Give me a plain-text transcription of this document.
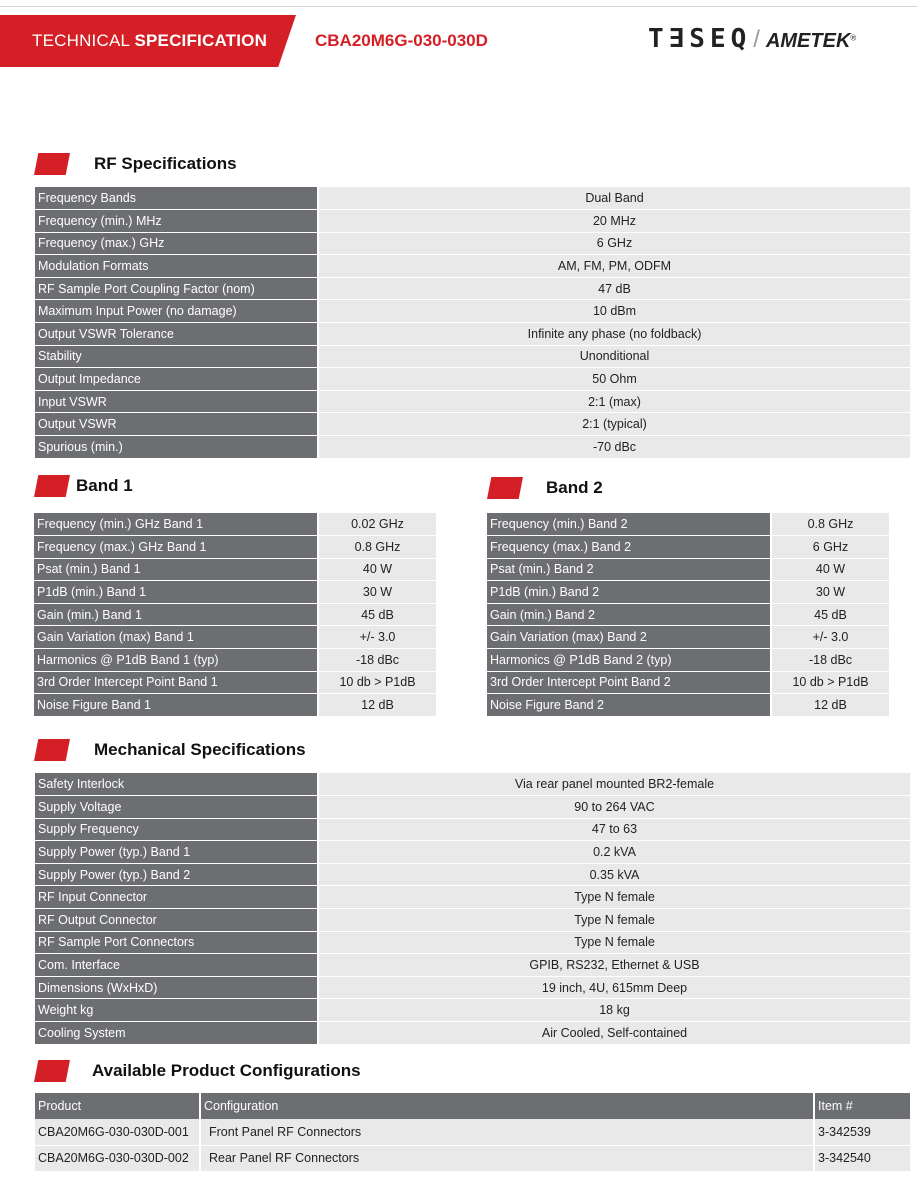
TECHNICAL SPECIFICATION	CBA20M6G-030-030D	T∃SEQ/ AMETEK®
RF Specifications
Frequency Bands	Dual Band
Frequency (min.) MHz	20 MHz
Frequency (max.) GHz	6 GHz
Modulation Formats	AM, FM, PM, ODFM
RF Sample Port Coupling Factor (nom)	47 dB
Maximum Input Power (no damage)	10 dBm
Output VSWR Tolerance	Infinite any phase (no foldback)
Stability	Unonditional
Output Impedance	50 Ohm
Input VSWR	2:1 (max)
Output VSWR	2:1 (typical)
Spurious (min.)	-70 dBc
Band 1
Frequency (min.) GHz Band 1	0.02 GHz
Frequency (max.) GHz Band 1	0.8 GHz
Psat (min.) Band 1	40 W
P1dB (min.) Band 1	30 W
Gain (min.) Band 1	45 dB
Gain Variation (max) Band 1	+/- 3.0
Harmonics @ P1dB Band 1 (typ)	-18 dBc
3rd Order Intercept Point Band 1	10 db > P1dB
Noise Figure Band 1	12 dB
Band 2
Frequency (min.) Band 2	0.8 GHz
Frequency (max.) Band 2	6 GHz
Psat (min.) Band 2	40 W
P1dB (min.) Band 2	30 W
Gain (min.) Band 2	45 dB
Gain Variation (max) Band 2	+/- 3.0
Harmonics @ P1dB Band 2 (typ)	-18 dBc
3rd Order Intercept Point Band 2	10 db > P1dB
Noise Figure Band 2	12 dB
Mechanical Specifications
Safety Interlock	Via rear panel mounted BR2-female
Supply Voltage	90 to 264 VAC
Supply Frequency	47 to 63
Supply Power (typ.) Band 1	0.2 kVA
Supply Power (typ.) Band 2	0.35 kVA
RF Input Connector	Type N female
RF Output Connector	Type N female
RF Sample Port Connectors	Type N female
Com. Interface	GPIB, RS232, Ethernet & USB
Dimensions (WxHxD)	19 inch, 4U, 615mm Deep
Weight kg	18 kg
Cooling System	Air Cooled, Self-contained
Available Product Configurations
Product	Configuration	Item #
CBA20M6G-030-030D-001	Front Panel RF Connectors	3-342539
CBA20M6G-030-030D-002	Rear Panel RF Connectors	3-342540
